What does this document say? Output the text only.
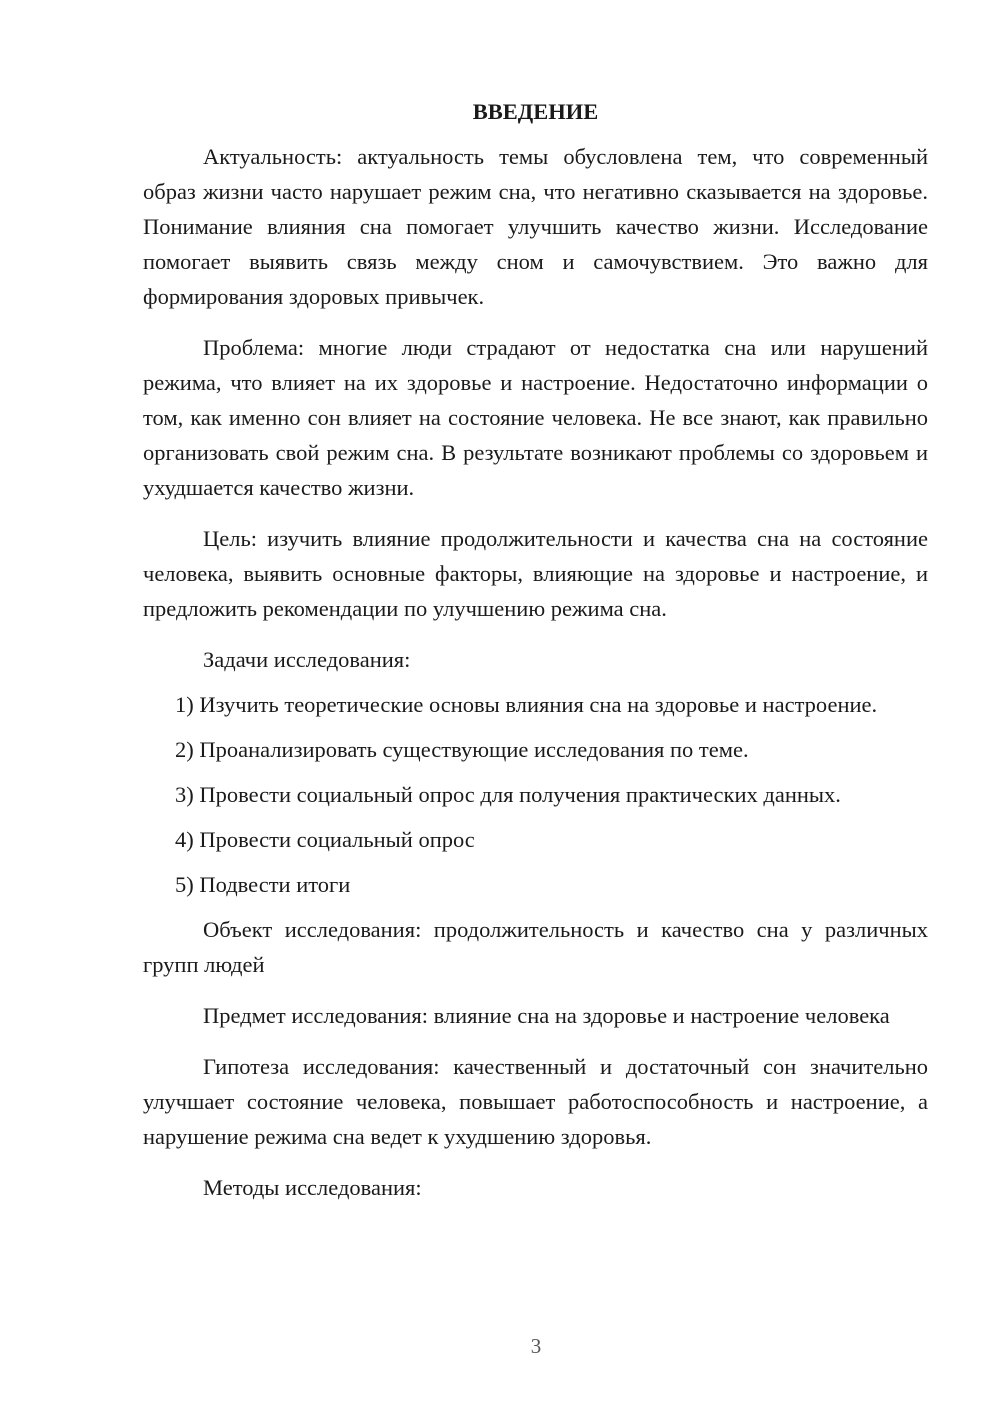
ВВЕДЕНИЕ

Актуальность: актуальность темы обусловлена тем, что современный образ жизни часто нарушает режим сна, что негативно сказывается на здоровье. Понимание влияния сна помогает улучшить качество жизни. Исследование помогает выявить связь между сном и самочувствием. Это важно для формирования здоровых привычек.

Проблема: многие люди страдают от недостатка сна или нарушений режима, что влияет на их здоровье и настроение. Недостаточно информации о том, как именно сон влияет на состояние человека. Не все знают, как правильно организовать свой режим сна. В результате возникают проблемы со здоровьем и ухудшается качество жизни.

Цель: изучить влияние продолжительности и качества сна на состояние человека, выявить основные факторы, влияющие на здоровье и настроение, и предложить рекомендации по улучшению режима сна.

Задачи исследования:

1) Изучить теоретические основы влияния сна на здоровье и настроение.

2) Проанализировать существующие исследования по теме.

3) Провести социальный опрос для получения практических данных.

4) Провести социальный опрос

5) Подвести итоги

Объект исследования: продолжительность и качество сна у различных групп людей

Предмет исследования: влияние сна на здоровье и настроение человека

Гипотеза исследования: качественный и достаточный сон значительно улучшает состояние человека, повышает работоспособность и настроение, а нарушение режима сна ведет к ухудшению здоровья.

Методы исследования:

3
